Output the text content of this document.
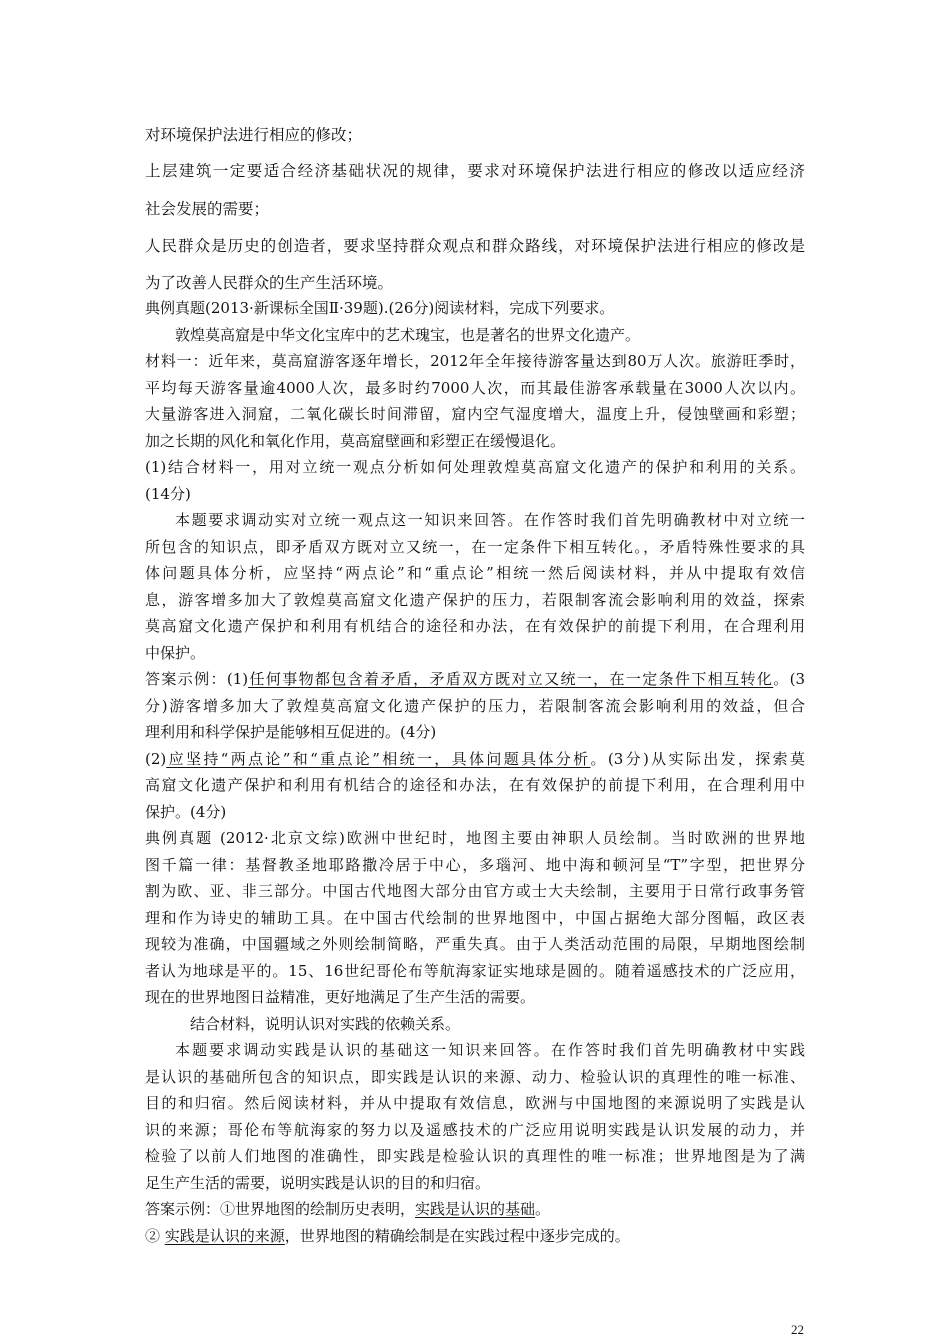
对环境保护法进行相应的修改；
上层建筑一定要适合经济基础状况的规律，要求对环境保护法进行相应的修改以适应经济
社会发展的需要；
人民群众是历史的创造者，要求坚持群众观点和群众路线，对环境保护法进行相应的修改是
为了改善人民群众的生产生活环境。
典例真题(2013·新课标全国Ⅱ·39题).(26分)阅读材料，完成下列要求。
敦煌莫高窟是中华文化宝库中的艺术瑰宝，也是著名的世界文化遗产。
材料一：近年来，莫高窟游客逐年增长，2012年全年接待游客量达到80万人次。旅游旺季时，
平均每天游客量逾4000人次，最多时约7000人次，而其最佳游客承载量在3000人次以内。
大量游客进入洞窟，二氧化碳长时间滞留，窟内空气湿度增大，温度上升，侵蚀壁画和彩塑；
加之长期的风化和氧化作用，莫高窟壁画和彩塑正在缓慢退化。
(1)结合材料一，用对立统一观点分析如何处理敦煌莫高窟文化遗产的保护和利用的关系。
(14分)
本题要求调动实对立统一观点这一知识来回答。在作答时我们首先明确教材中对立统一
所包含的知识点，即矛盾双方既对立又统一，在一定条件下相互转化。，矛盾特殊性要求的具
体问题具体分析，应坚持“两点论”和“重点论”相统一然后阅读材料，并从中提取有效信
息，游客增多加大了敦煌莫高窟文化遗产保护的压力，若限制客流会影响利用的效益，探索
莫高窟文化遗产保护和利用有机结合的途径和办法，在有效保护的前提下利用，在合理利用
中保护。
答案示例：(1)任何事物都包含着矛盾，矛盾双方既对立又统一，在一定条件下相互转化。(3
分)游客增多加大了敦煌莫高窟文化遗产保护的压力，若限制客流会影响利用的效益，但合
理利用和科学保护是能够相互促进的。(4分)
(2)应坚持“两点论”和“重点论”相统一，具体问题具体分析。(3分)从实际出发，探索莫
高窟文化遗产保护和利用有机结合的途径和办法，在有效保护的前提下利用，在合理利用中
保护。(4分)
典例真题 (2012·北京文综)欧洲中世纪时，地图主要由神职人员绘制。当时欧洲的世界地
图千篇一律：基督教圣地耶路撒冷居于中心，多瑙河、地中海和顿河呈“T”字型，把世界分
割为欧、亚、非三部分。中国古代地图大部分由官方或士大夫绘制，主要用于日常行政事务管
理和作为诗史的辅助工具。在中国古代绘制的世界地图中，中国占据绝大部分图幅，政区表
现较为准确，中国疆域之外则绘制简略，严重失真。由于人类活动范围的局限，早期地图绘制
者认为地球是平的。15、16世纪哥伦布等航海家证实地球是圆的。随着遥感技术的广泛应用，
现在的世界地图日益精准，更好地满足了生产生活的需要。
结合材料，说明认识对实践的依赖关系。
本题要求调动实践是认识的基础这一知识来回答。在作答时我们首先明确教材中实践
是认识的基础所包含的知识点，即实践是认识的来源、动力、检验认识的真理性的唯一标准、
目的和归宿。然后阅读材料，并从中提取有效信息，欧洲与中国地图的来源说明了实践是认
识的来源；哥伦布等航海家的努力以及遥感技术的广泛应用说明实践是认识发展的动力，并
检验了以前人们地图的准确性，即实践是检验认识的真理性的唯一标准；世界地图是为了满
足生产生活的需要，说明实践是认识的目的和归宿。
答案示例：①世界地图的绘制历史表明，实践是认识的基础。
② 实践是认识的来源，世界地图的精确绘制是在实践过程中逐步完成的。
22
